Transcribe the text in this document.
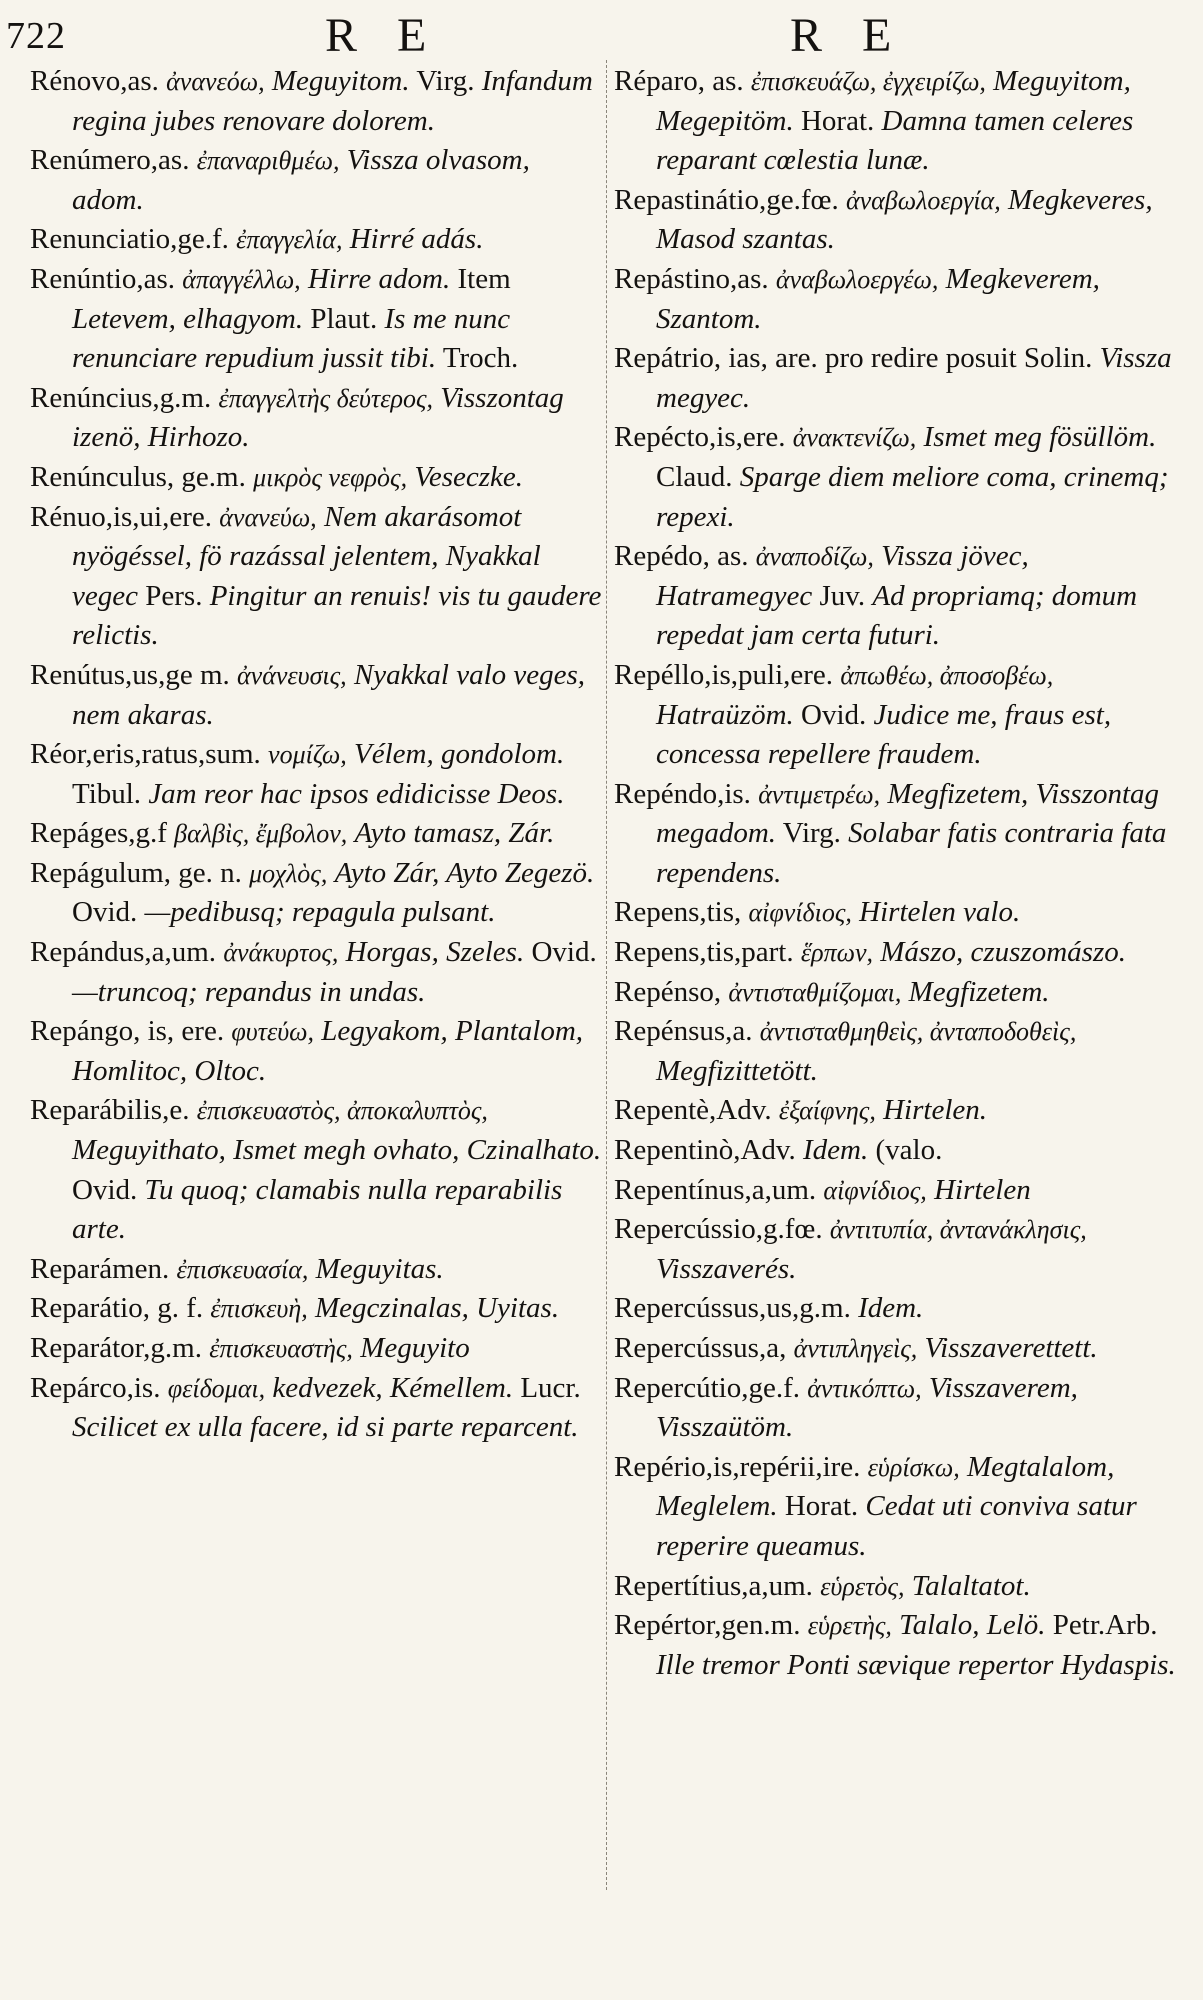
722	R E	R E
Rénovo,as. ἀνανεόω, Meguyitom. Virg. Infandum regina jubes renovare dolorem.
Renúmero,as. ἐπαναριθμέω, Vissza olvasom, adom.
Renunciatio,ge.f. ἐπαγγελία, Hirré adás.
Renúntio,as. ἀπαγγέλλω, Hirre adom. Item Letevem, elhagyom. Plaut. Is me nunc renunciare repudium jussit tibi. Troch.
Renúncius,g.m. ἐπαγγελτὴς δεύτερος, Visszontag izenö, Hirhozo.
Renúnculus, ge.m. μικρὸς νεφρὸς, Veseczke.
Rénuo,is,ui,ere. ἀνανεύω, Nem akarásomot nyögéssel, fö razással jelentem, Nyakkal vegec Pers. Pingitur an renuis! vis tu gaudere relictis.
Renútus,us,ge m. ἀνάνευσις, Nyakkal valo veges, nem akaras.
Réor,eris,ratus,sum. νομίζω, Vélem, gondolom. Tibul. Jam reor hac ipsos edidicisse Deos.
Repáges,g.f βαλβὶς, ἔμβολον, Ayto tamasz, Zár.
Repágulum, ge. n. μοχλὸς, Ayto Zár, Ayto Zegezö. Ovid. —pedibusq; repagula pulsant.
Repándus,a,um. ἀνάκυρτος, Horgas, Szeles. Ovid. —truncoq; repandus in undas.
Repángo, is, ere. φυτεύω, Legyakom, Plantalom, Homlitoc, Oltoc.
Reparábilis,e. ἐπισκευαστὸς, ἀποκαλυπτὸς, Meguyithato, Ismet megh ovhato, Czinalhato. Ovid. Tu quoq; clamabis nulla reparabilis arte.
Reparámen. ἐπισκευασία, Meguyitas.
Reparátio, g. f. ἐπισκευὴ, Megczinalas, Uyitas.
Reparátor,g.m. ἐπισκευαστὴς, Meguyito
Repárco,is. φείδομαι, kedvezek, Kémellem. Lucr. Scilicet ex ulla facere, id si parte reparcent.
Réparo, as. ἐπισκευάζω, ἐγχειρίζω, Meguyitom, Megepitöm. Horat. Damna tamen celeres reparant cœlestia lunæ.
Repastinátio,ge.fœ. ἀναβωλοεργία, Megkeveres, Masod szantas.
Repástino,as. ἀναβωλοεργέω, Megkeverem, Szantom.
Repátrio, ias, are. pro redire posuit Solin. Vissza megyec.
Repécto,is,ere. ἀνακτενίζω, Ismet meg fösüllöm. Claud. Sparge diem meliore coma, crinemq; repexi.
Repédo, as. ἀναποδίζω, Vissza jövec, Hatramegyec Juv. Ad propriamq; domum repedat jam certa futuri.
Repéllo,is,puli,ere. ἀπωθέω, ἀποσοβέω, Hatraüzöm. Ovid. Judice me, fraus est, concessa repellere fraudem.
Repéndo,is. ἀντιμετρέω, Megfizetem, Visszontag megadom. Virg. Solabar fatis contraria fata rependens.
Repens,tis, αἰφνίδιος, Hirtelen valo.
Repens,tis,part. ἕρπων, Mászo, czuszomászo.
Repénso, ἀντισταθμίζομαι, Megfizetem.
Repénsus,a. ἀντισταθμηθεὶς, ἀνταποδοθεὶς, Megfizittetött.
Repentè,Adv. ἐξαίφνης, Hirtelen.
Repentinò,Adv. Idem. (valo.
Repentínus,a,um. αἰφνίδιος, Hirtelen
Repercússio,g.fœ. ἀντιτυπία, ἀντανάκλησις, Visszaverés.
Repercússus,us,g.m. Idem.
Repercússus,a, ἀντιπληγεὶς, Visszaverettett.
Repercútio,ge.f. ἀντικόπτω, Visszaverem, Visszaütöm.
Repério,is,repérii,ire. εὑρίσκω, Megtalalom, Meglelem. Horat. Cedat uti conviva satur reperire queamus.
Repertítius,a,um. εὑρετὸς, Talaltatot.
Repértor,gen.m. εὑρετὴς, Talalo, Lelö. Petr.Arb. Ille tremor Ponti sævique repertor Hydaspis.
